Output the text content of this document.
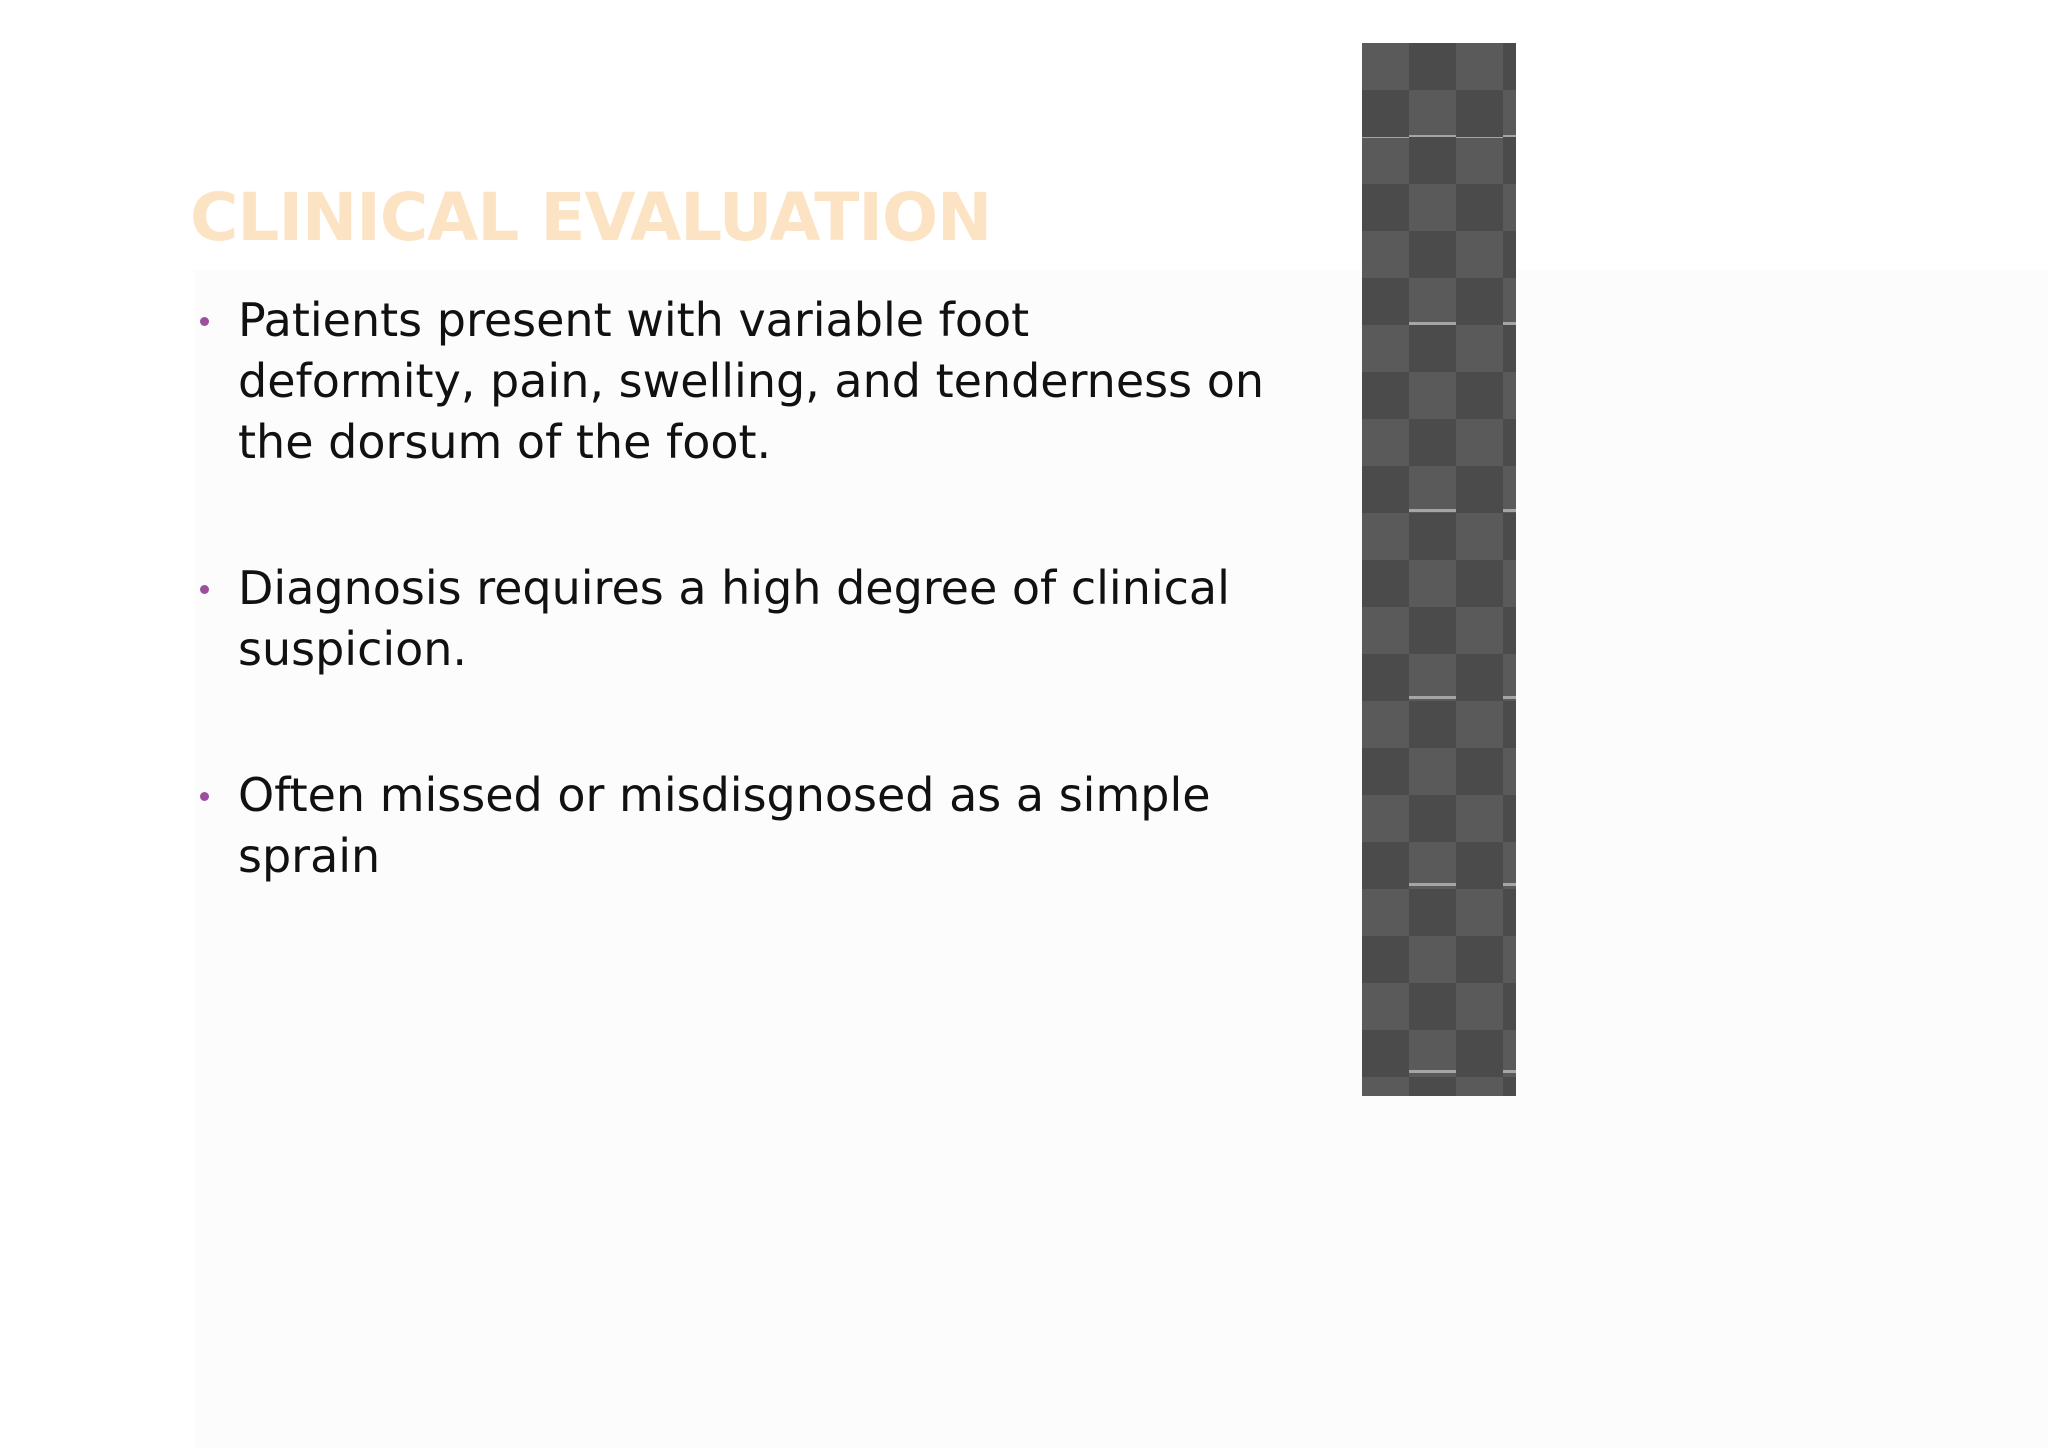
CLINICAL EVALUATION
Patients present with variable foot deformity, pain, swelling, and tenderness on the dorsum of the foot.
Diagnosis requires a high degree of clinical suspicion.
Often missed or misdisgnosed as a simple sprain
